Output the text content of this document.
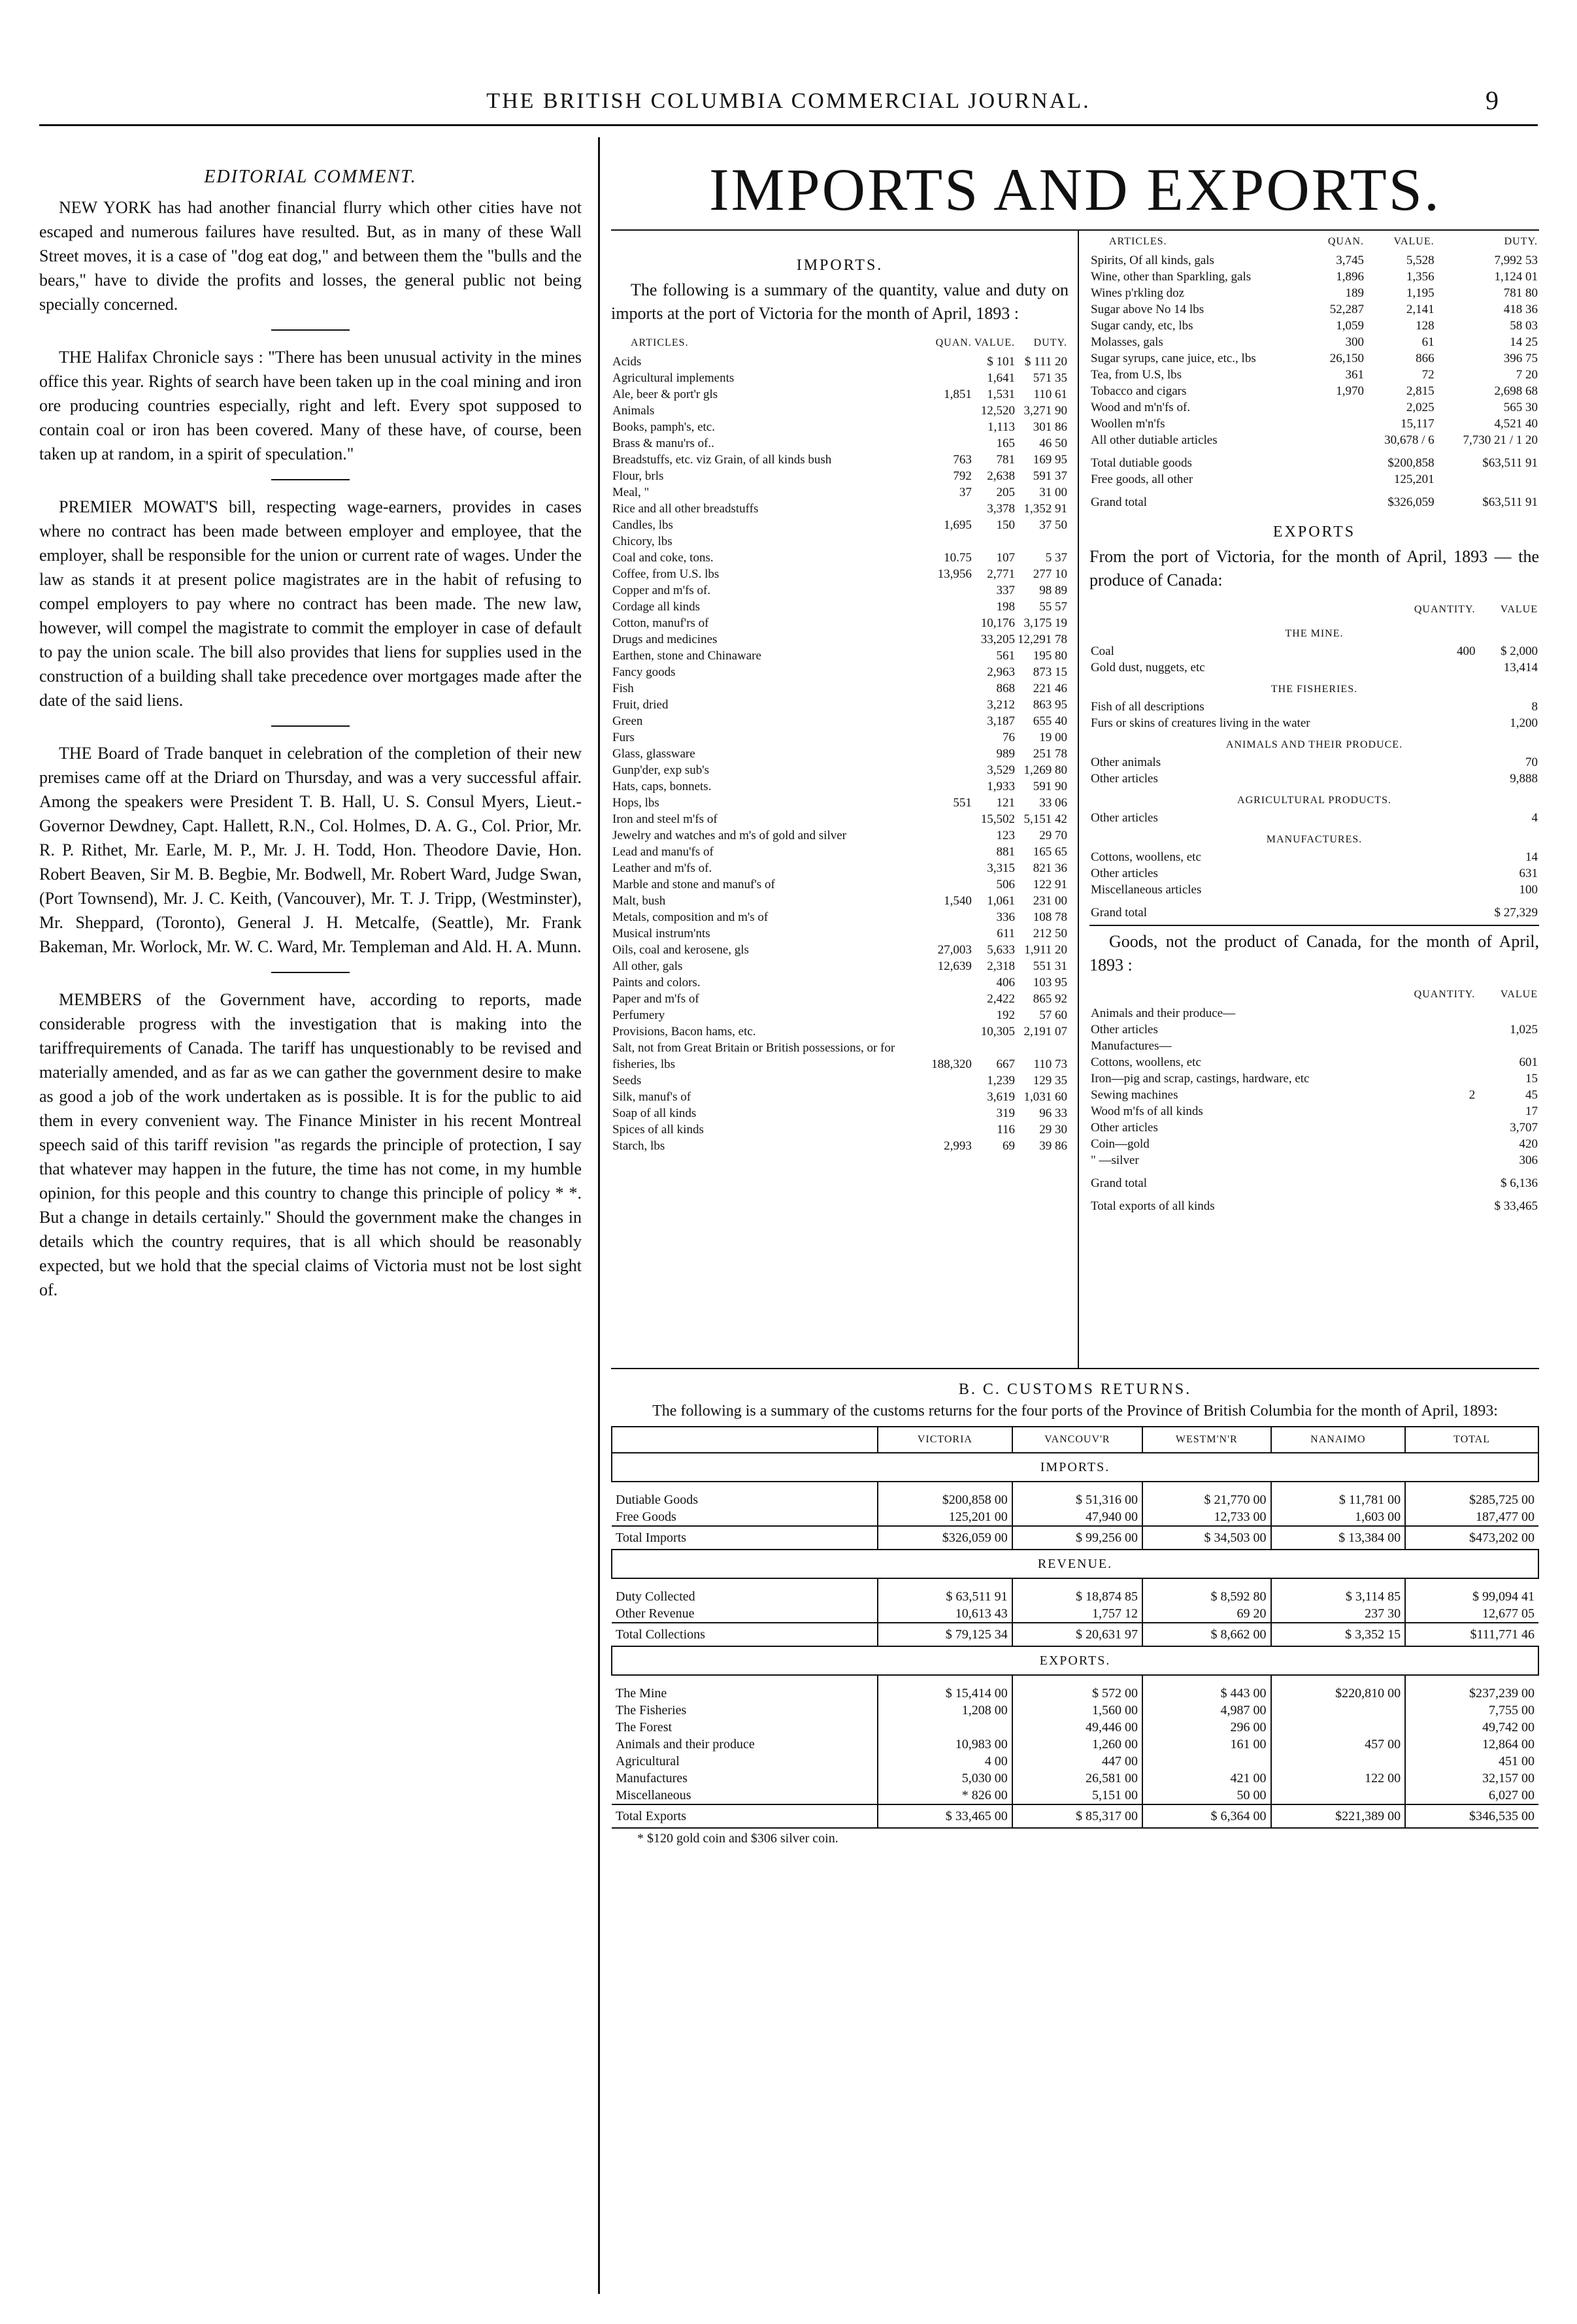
THE BRITISH COLUMBIA COMMERCIAL JOURNAL.	9
EDITORIAL COMMENT.

NEW YORK has had another financial flurry which other cities have not escaped and numerous failures have resulted. But, as in many of these Wall Street moves, it is a case of "dog eat dog," and between them the "bulls and the bears," have to divide the profits and losses, the general public not being specially concerned.

THE Halifax Chronicle says : "There has been unusual activity in the mines office this year. Rights of search have been taken up in the coal mining and iron ore producing countries especially, right and left. Every spot supposed to contain coal or iron has been covered. Many of these have, of course, been taken up at random, in a spirit of speculation."

PREMIER MOWAT'S bill, respecting wage-earners, provides in cases where no contract has been made between employer and employee, that the employer, shall be responsible for the union or current rate of wages. Under the law as stands it at present police magistrates are in the habit of refusing to compel employers to pay where no contract has been made. The new law, however, will compel the magistrate to commit the employer in case of default to pay the union scale. The bill also provides that liens for supplies used in the construction of a building shall take precedence over mortgages made after the date of the said liens.

THE Board of Trade banquet in celebration of the completion of their new premises came off at the Driard on Thursday, and was a very successful affair. Among the speakers were President T. B. Hall, U. S. Consul Myers, Lieut.-Governor Dewdney, Capt. Hallett, R.N., Col. Holmes, D. A. G., Col. Prior, Mr. R. P. Rithet, Mr. Earle, M. P., Mr. J. H. Todd, Hon. Theodore Davie, Hon. Robert Beaven, Sir M. B. Begbie, Mr. Bodwell, Mr. Robert Ward, Judge Swan, (Port Townsend), Mr. J. C. Keith, (Vancouver), Mr. T. J. Tripp, (Westminster), Mr. Sheppard, (Toronto), General J. H. Metcalfe, (Seattle), Mr. Frank Bakeman, Mr. Worlock, Mr. W. C. Ward, Mr. Templeman and Ald. H. A. Munn.

MEMBERS of the Government have, according to reports, made considerable progress with the investigation that is making into the tariffrequirements of Canada. The tariff has unquestionably to be revised and materially amended, and as far as we can gather the government desire to make as good a job of the work undertaken as is possible. It is for the public to aid them in every convenient way. The Finance Minister in his recent Montreal speech said of this tariff revision "as regards the principle of protection, I say that whatever may happen in the future, the time has not come, in my humble opinion, for this people and this country to change this principle of policy * *. But a change in details certainly." Should the government make the changes in details which the country requires, that is all which should be reasonably expected, but we hold that the special claims of Victoria must not be lost sight of.

IMPORTS AND EXPORTS.
IMPORTS.

The following is a summary of the quantity, value and duty on imports at the port of Victoria for the month of April, 1893 :

ARTICLES.	QUAN.	VALUE.	DUTY.
Acids		$ 101	$ 111 20
Agricultural implements		1,641	571 35
Ale, beer & port'r gls	1,851	1,531	110 61
Animals		12,520	3,271 90
Books, pamph's, etc.		1,113	301 86
Brass & manu'rs of..		165	46 50
Breadstuffs, etc. viz Grain, of all kinds bush	763	781	169 95
Flour, brls	792	2,638	591 37
Meal, "	37	205	31 00
Rice and all other breadstuffs		3,378	1,352 91
Candles, lbs	1,695	150	37 50
Chicory, lbs			
Coal and coke, tons.	10.75	107	5 37
Coffee, from U.S. lbs	13,956	2,771	277 10
Copper and m'fs of.		337	98 89
Cordage all kinds		198	55 57
Cotton, manuf'rs of		10,176	3,175 19
Drugs and medicines		33,205	12,291 78
Earthen, stone and Chinaware		561	195 80
Fancy goods		2,963	873 15
Fish		868	221 46
Fruit, dried		3,212	863 95
Green		3,187	655 40
Furs		76	19 00
Glass, glassware		989	251 78
Gunp'der, exp sub's		3,529	1,269 80
Hats, caps, bonnets.		1,933	591 90
Hops, lbs	551	121	33 06
Iron and steel m'fs of		15,502	5,151 42
Jewelry and watches and m's of gold and silver		123	29 70
Lead and manu'fs of		881	165 65
Leather and m'fs of.		3,315	821 36
Marble and stone and manuf's of		506	122 91
Malt, bush	1,540	1,061	231 00
Metals, composition and m's of		336	108 78
Musical instrum'nts		611	212 50
Oils, coal and kerosene, gls	27,003	5,633	1,911 20
All other, gals	12,639	2,318	551 31
Paints and colors.		406	103 95
Paper and m'fs of		2,422	865 92
Perfumery		192	57 60
Provisions, Bacon hams, etc.		10,305	2,191 07
Salt, not from Great Britain or British possessions, or for fisheries, lbs	188,320	667	110 73
Seeds		1,239	129 35
Silk, manuf's of		3,619	1,031 60
Soap of all kinds		319	96 33
Spices of all kinds		116	29 30
Starch, lbs	2,993	69	39 86
ARTICLES.	QUAN.	VALUE.	DUTY.
Spirits, Of all kinds, gals	3,745	5,528	7,992 53
Wine, other than Sparkling, gals	1,896	1,356	1,124 01
Wines p'rkling doz	189	1,195	781 80
Sugar above No 14 lbs	52,287	2,141	418 36
Sugar candy, etc, lbs	1,059	128	58 03
Molasses, gals	300	61	14 25
Sugar syrups, cane juice, etc., lbs	26,150	866	396 75
Tea, from U.S, lbs	361	72	7 20
Tobacco and cigars	1,970	2,815	2,698 68
Wood and m'n'fs of.		2,025	565 30
Woollen m'n'fs		15,117	4,521 40
All other dutiable articles		30,678 / 6	7,730 21 / 1 20
Total dutiable goods		$200,858	$63,511 91
Free goods, all other		125,201	
Grand total		$326,059	$63,511 91
EXPORTS

From the port of Victoria, for the month of April, 1893 — the produce of Canada:

	QUANTITY.	VALUE
THE MINE.		
Coal	400	$ 2,000
Gold dust, nuggets, etc		13,414
THE FISHERIES.		
Fish of all descriptions		8
Furs or skins of creatures living in the water		1,200
ANIMALS AND THEIR PRODUCE.		
Other animals		70
Other articles		9,888
AGRICULTURAL PRODUCTS.		
Other articles		4
MANUFACTURES.		
Cottons, woollens, etc		14
Other articles		631
Miscellaneous articles		100
Grand total		$ 27,329

Goods, not the product of Canada, for the month of April, 1893 :

	QUANTITY.	VALUE
Animals and their produce—		
Other articles		1,025
Manufactures—		
Cottons, woollens, etc		601
Iron—pig and scrap, castings, hardware, etc		15
Sewing machines	2	45
Wood m'fs of all kinds		17
Other articles		3,707
Coin—gold		420
" —silver		306
Grand total		$ 6,136
Total exports of all kinds		$ 33,465
B. C. CUSTOMS RETURNS.

The following is a summary of the customs returns for the four ports of the Province of British Columbia for the month of April, 1893:

	VICTORIA	VANCOUV'R	WESTM'N'R	NANAIMO	TOTAL
IMPORTS.					
Dutiable Goods	$200,858 00	$ 51,316 00	$ 21,770 00	$ 11,781 00	$285,725 00
Free Goods	125,201 00	47,940 00	12,733 00	1,603 00	187,477 00
Total Imports	$326,059 00	$ 99,256 00	$ 34,503 00	$ 13,384 00	$473,202 00
REVENUE.					
Duty Collected	$ 63,511 91	$ 18,874 85	$ 8,592 80	$ 3,114 85	$ 99,094 41
Other Revenue	10,613 43	1,757 12	69 20	237 30	12,677 05
Total Collections	$ 79,125 34	$ 20,631 97	$ 8,662 00	$ 3,352 15	$111,771 46
EXPORTS.					
The Mine	$ 15,414 00	$ 572 00	$ 443 00	$220,810 00	$237,239 00
The Fisheries	1,208 00	1,560 00	4,987 00		7,755 00
The Forest		49,446 00	296 00		49,742 00
Animals and their produce	10,983 00	1,260 00	161 00	457 00	12,864 00
Agricultural	4 00	447 00			451 00
Manufactures	5,030 00	26,581 00	421 00	122 00	32,157 00
Miscellaneous	* 826 00	5,151 00	50 00		6,027 00
Total Exports	$ 33,465 00	$ 85,317 00	$ 6,364 00	$221,389 00	$346,535 00
* $120 gold coin and $306 silver coin.
